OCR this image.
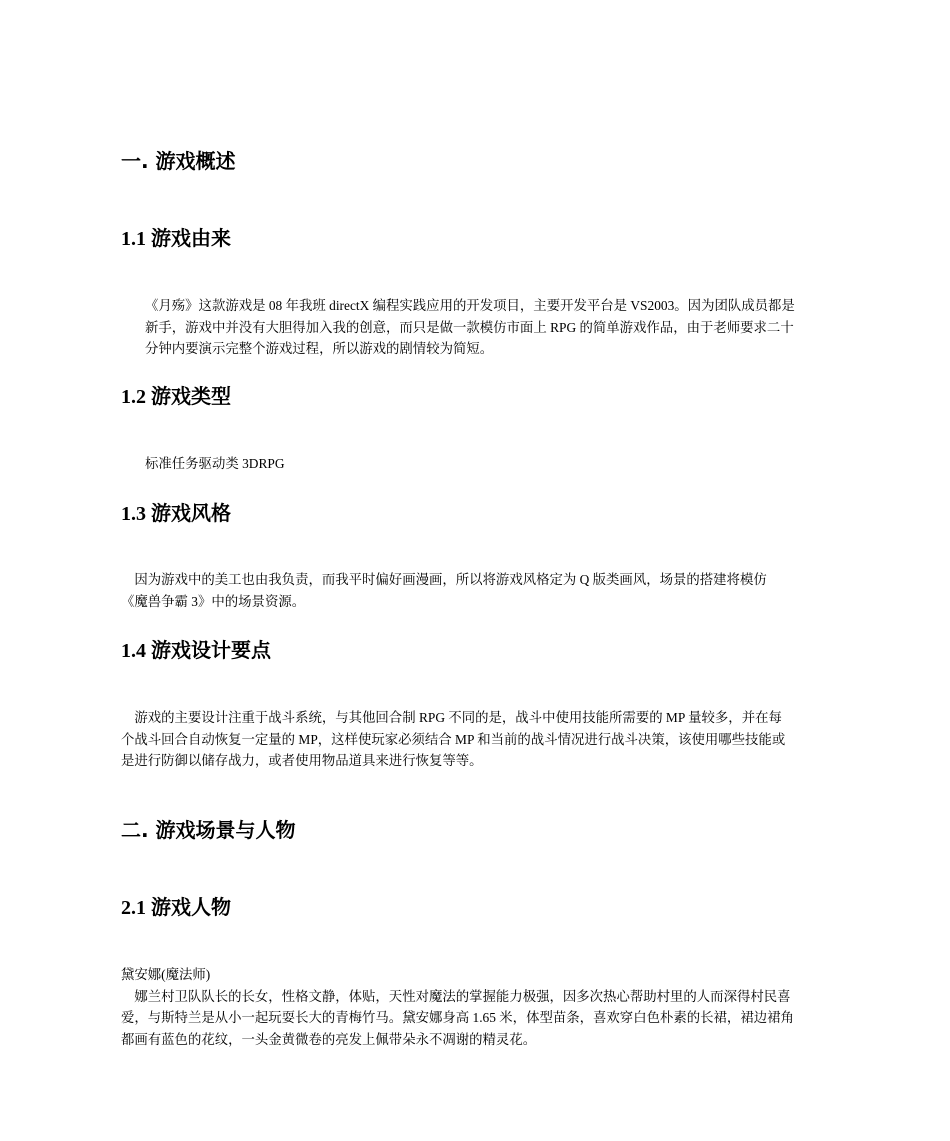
一. 游戏概述
1.1 游戏由来
《月殇》这款游戏是 08 年我班 directX 编程实践应用的开发项目，主要开发平台是 VS2003。因为团队成员都是
新手，游戏中并没有大胆得加入我的创意，而只是做一款模仿市面上 RPG 的简单游戏作品，由于老师要求二十
分钟内要演示完整个游戏过程，所以游戏的剧情较为简短。
1.2 游戏类型
标准任务驱动类 3DRPG
1.3 游戏风格
　因为游戏中的美工也由我负责，而我平时偏好画漫画，所以将游戏风格定为 Q 版类画风，场景的搭建将模仿
《魔兽争霸 3》中的场景资源。
1.4 游戏设计要点
　游戏的主要设计注重于战斗系统，与其他回合制 RPG 不同的是，战斗中使用技能所需要的 MP 量较多，并在每
个战斗回合自动恢复一定量的 MP，这样使玩家必须结合 MP 和当前的战斗情况进行战斗决策，该使用哪些技能或
是进行防御以储存战力，或者使用物品道具来进行恢复等等。
二. 游戏场景与人物
2.1 游戏人物
黛安娜(魔法师)
　娜兰村卫队队长的长女，性格文静，体贴，天性对魔法的掌握能力极强，因多次热心帮助村里的人而深得村民喜
爱，与斯特兰是从小一起玩耍长大的青梅竹马。黛安娜身高 1.65 米，体型苗条，喜欢穿白色朴素的长裙，裙边裙角
都画有蓝色的花纹，一头金黄微卷的亮发上佩带朵永不凋谢的精灵花。
